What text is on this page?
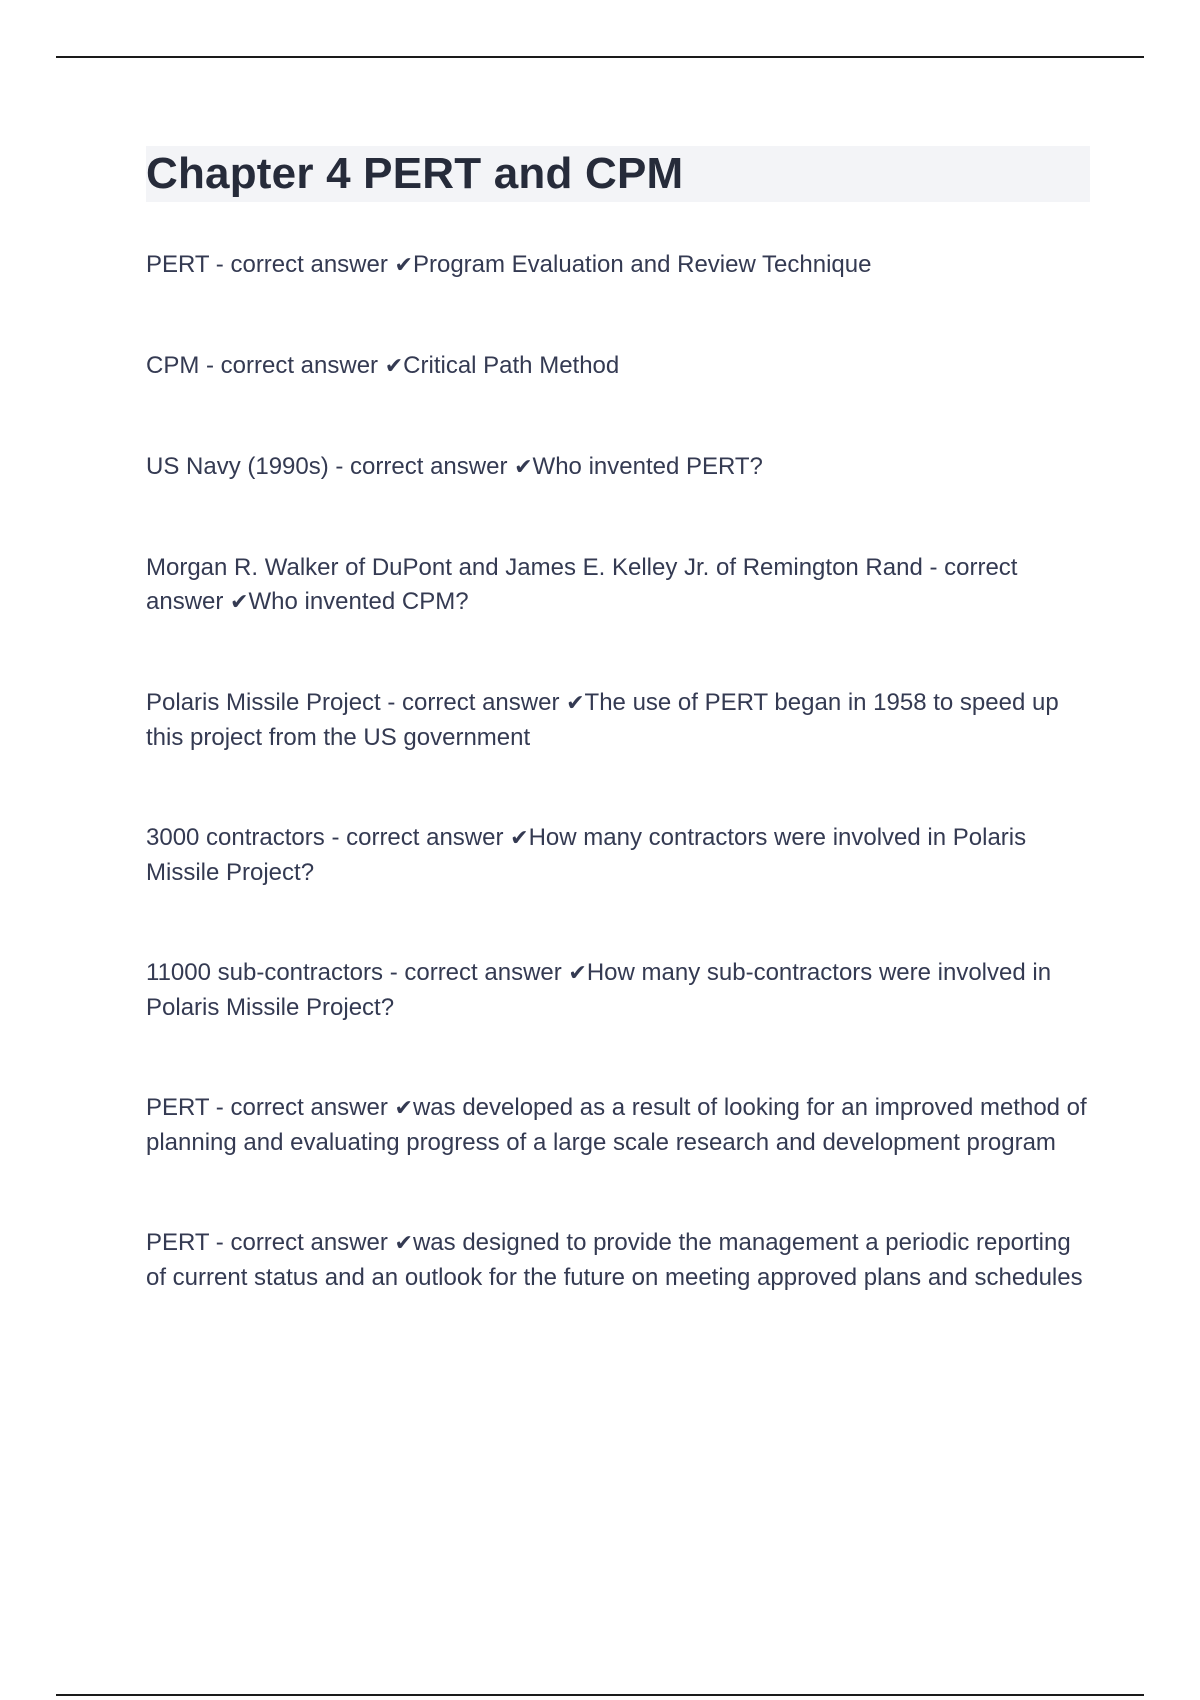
Chapter 4 PERT and CPM

PERT - correct answer ✔Program Evaluation and Review Technique

CPM - correct answer ✔Critical Path Method

US Navy (1990s) - correct answer ✔Who invented PERT?

Morgan R. Walker of DuPont and James E. Kelley Jr. of Remington Rand - correct answer ✔Who invented CPM?

Polaris Missile Project - correct answer ✔The use of PERT began in 1958 to speed up this project from the US government

3000 contractors - correct answer ✔How many contractors were involved in Polaris Missile Project?

11000 sub-contractors - correct answer ✔How many sub-contractors were involved in Polaris Missile Project?

PERT - correct answer ✔was developed as a result of looking for an improved method of planning and evaluating progress of a large scale research and development program

PERT - correct answer ✔was designed to provide the management a periodic reporting of current status and an outlook for the future on meeting approved plans and schedules
